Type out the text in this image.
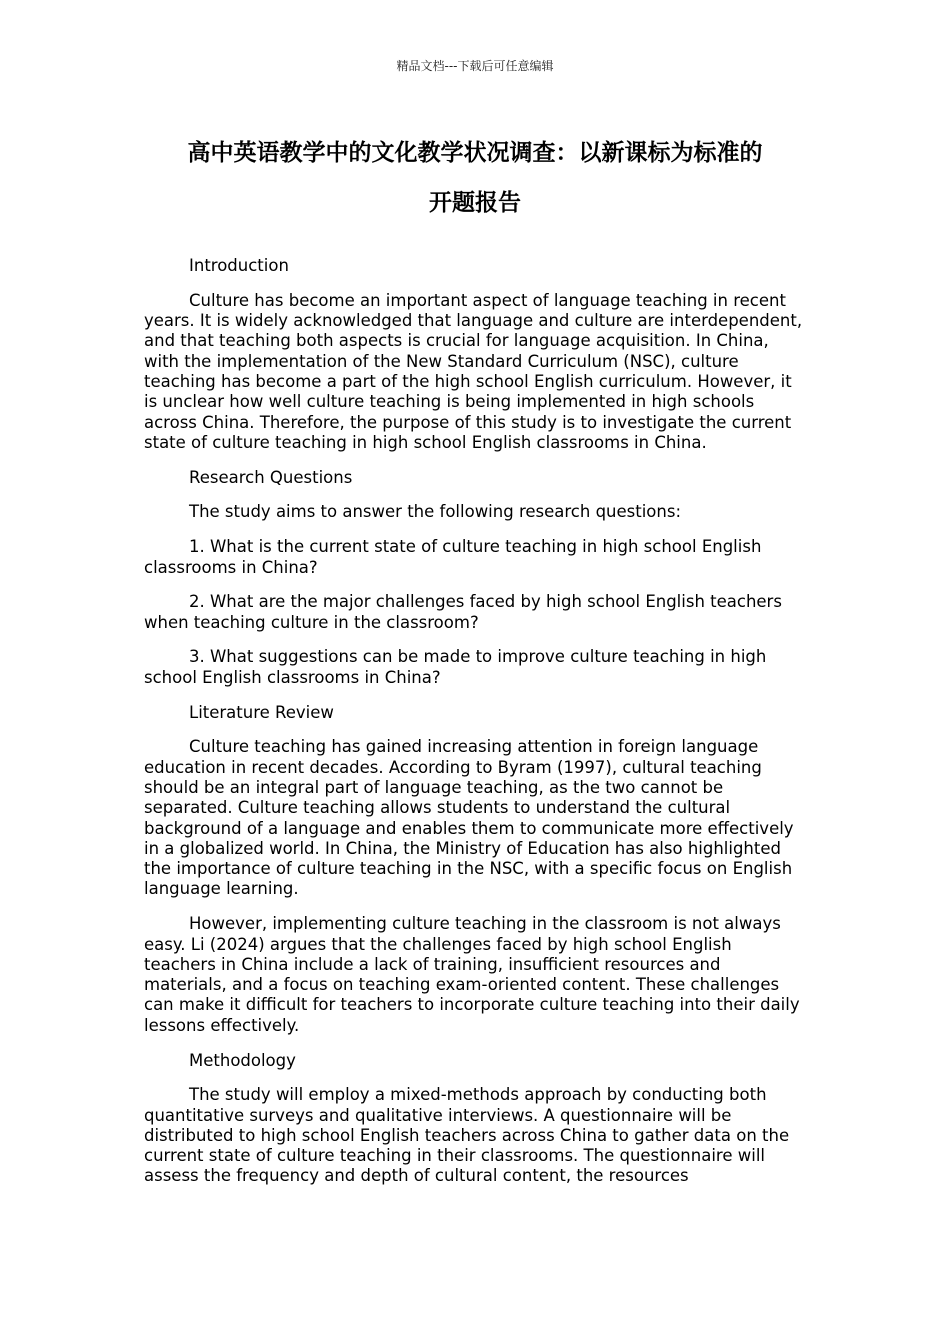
精品文档---下载后可任意编辑
高中英语教学中的文化教学状况调查：以新课标为标准的
开题报告

Introduction

Culture has become an important aspect of language teaching in recent years. It is widely acknowledged that language and culture are interdependent, and that teaching both aspects is crucial for language acquisition. In China, with the implementation of the New Standard Curriculum (NSC), culture teaching has become a part of the high school English curriculum. However, it is unclear how well culture teaching is being implemented in high schools across China. Therefore, the purpose of this study is to investigate the current state of culture teaching in high school English classrooms in China.

Research Questions

The study aims to answer the following research questions:

1. What is the current state of culture teaching in high school English classrooms in China?

2. What are the major challenges faced by high school English teachers when teaching culture in the classroom?

3. What suggestions can be made to improve culture teaching in high school English classrooms in China?

Literature Review

Culture teaching has gained increasing attention in foreign language education in recent decades. According to Byram (1997), cultural teaching should be an integral part of language teaching, as the two cannot be separated. Culture teaching allows students to understand the cultural background of a language and enables them to communicate more effectively in a globalized world. In China, the Ministry of Education has also highlighted the importance of culture teaching in the NSC, with a specific focus on English language learning.

However, implementing culture teaching in the classroom is not always easy. Li (2024) argues that the challenges faced by high school English teachers in China include a lack of training, insufficient resources and materials, and a focus on teaching exam-oriented content. These challenges can make it difficult for teachers to incorporate culture teaching into their daily lessons effectively.

Methodology

The study will employ a mixed-methods approach by conducting both quantitative surveys and qualitative interviews. A questionnaire will be distributed to high school English teachers across China to gather data on the current state of culture teaching in their classrooms. The questionnaire will assess the frequency and depth of cultural content, the resources
